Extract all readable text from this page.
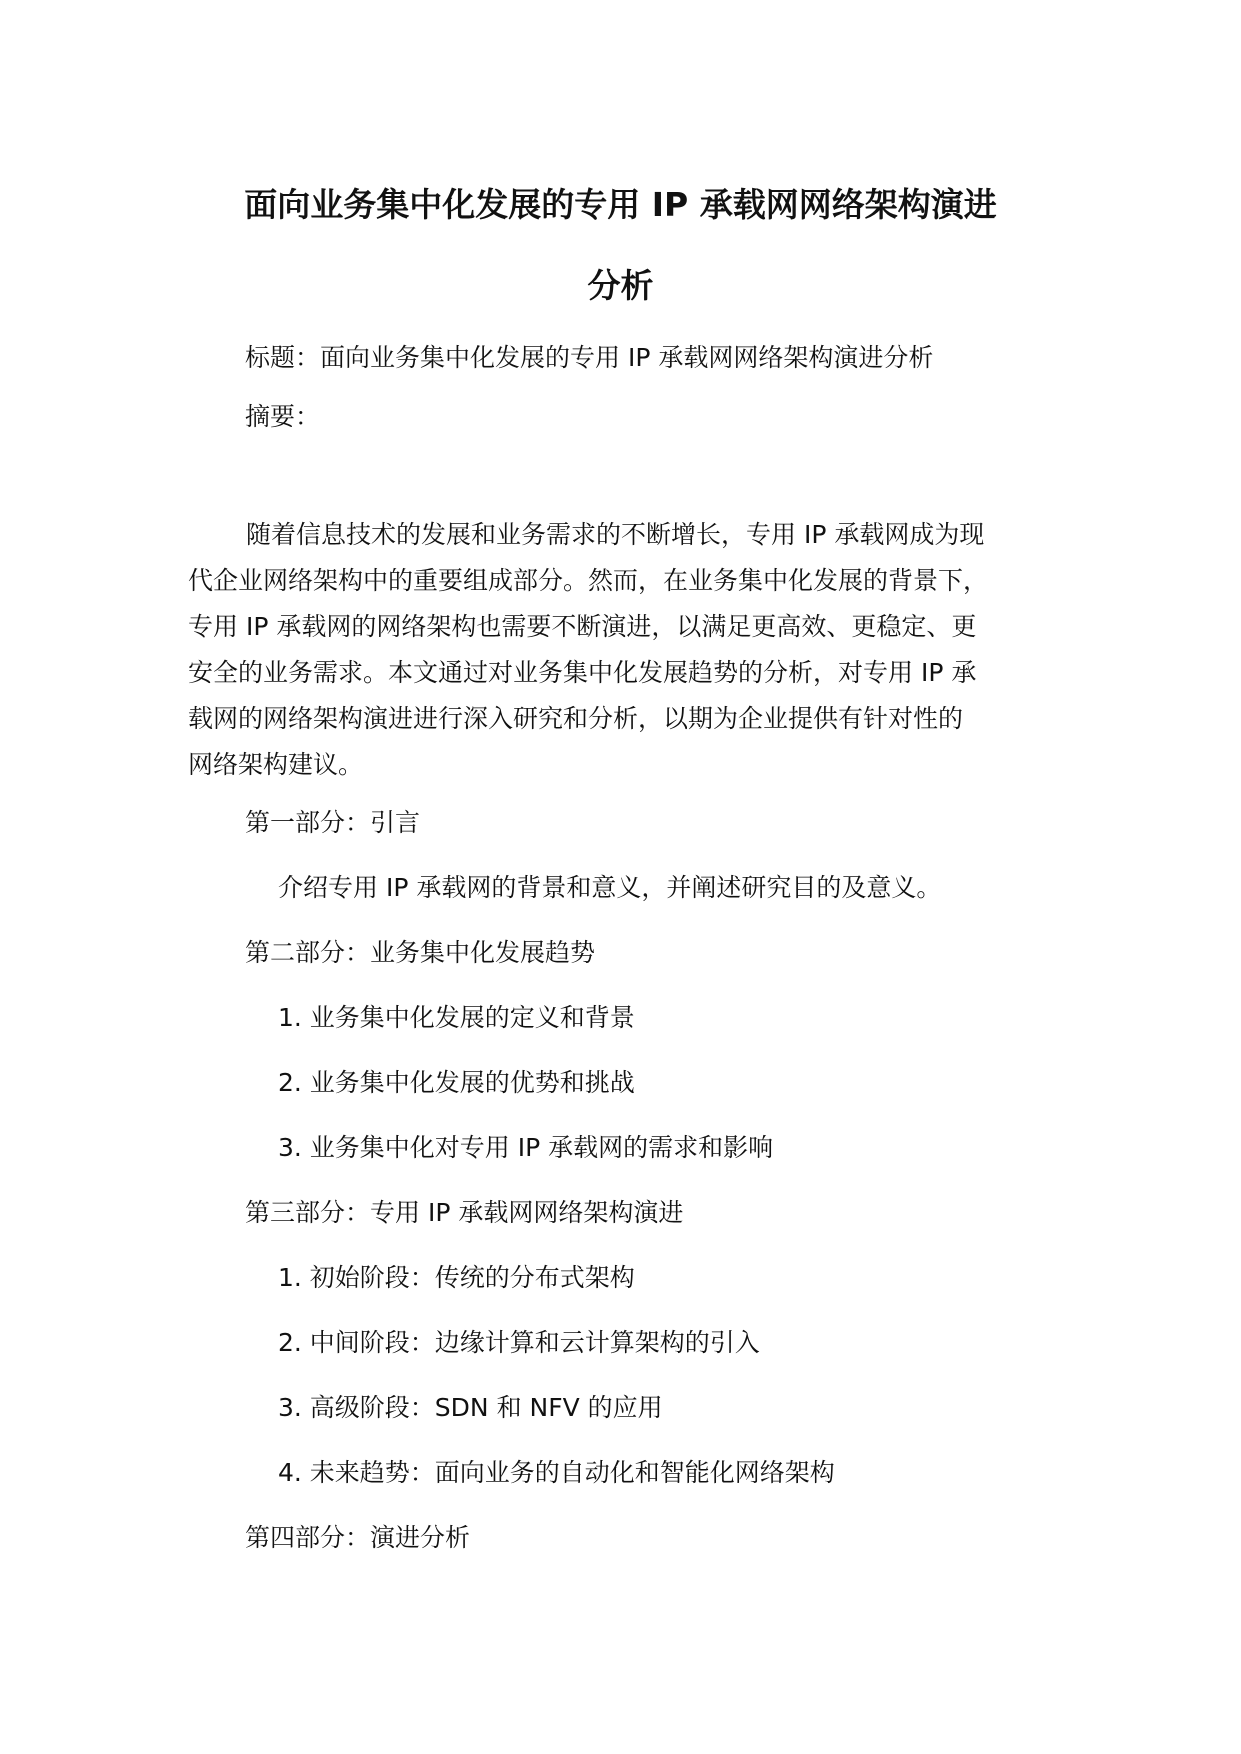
面向业务集中化发展的专用 IP 承载网网络架构演进
分析

标题：面向业务集中化发展的专用 IP 承载网网络架构演进分析

摘要：

随着信息技术的发展和业务需求的不断增长，专用 IP 承载网成为现
代企业网络架构中的重要组成部分。然而，在业务集中化发展的背景下，
专用 IP 承载网的网络架构也需要不断演进，以满足更高效、更稳定、更
安全的业务需求。本文通过对业务集中化发展趋势的分析，对专用 IP 承
载网的网络架构演进进行深入研究和分析，以期为企业提供有针对性的
网络架构建议。

第一部分：引言

介绍专用 IP 承载网的背景和意义，并阐述研究目的及意义。

第二部分：业务集中化发展趋势

1. 业务集中化发展的定义和背景

2. 业务集中化发展的优势和挑战

3. 业务集中化对专用 IP 承载网的需求和影响

第三部分：专用 IP 承载网网络架构演进

1. 初始阶段：传统的分布式架构

2. 中间阶段：边缘计算和云计算架构的引入

3. 高级阶段：SDN 和 NFV 的应用

4. 未来趋势：面向业务的自动化和智能化网络架构

第四部分：演进分析
